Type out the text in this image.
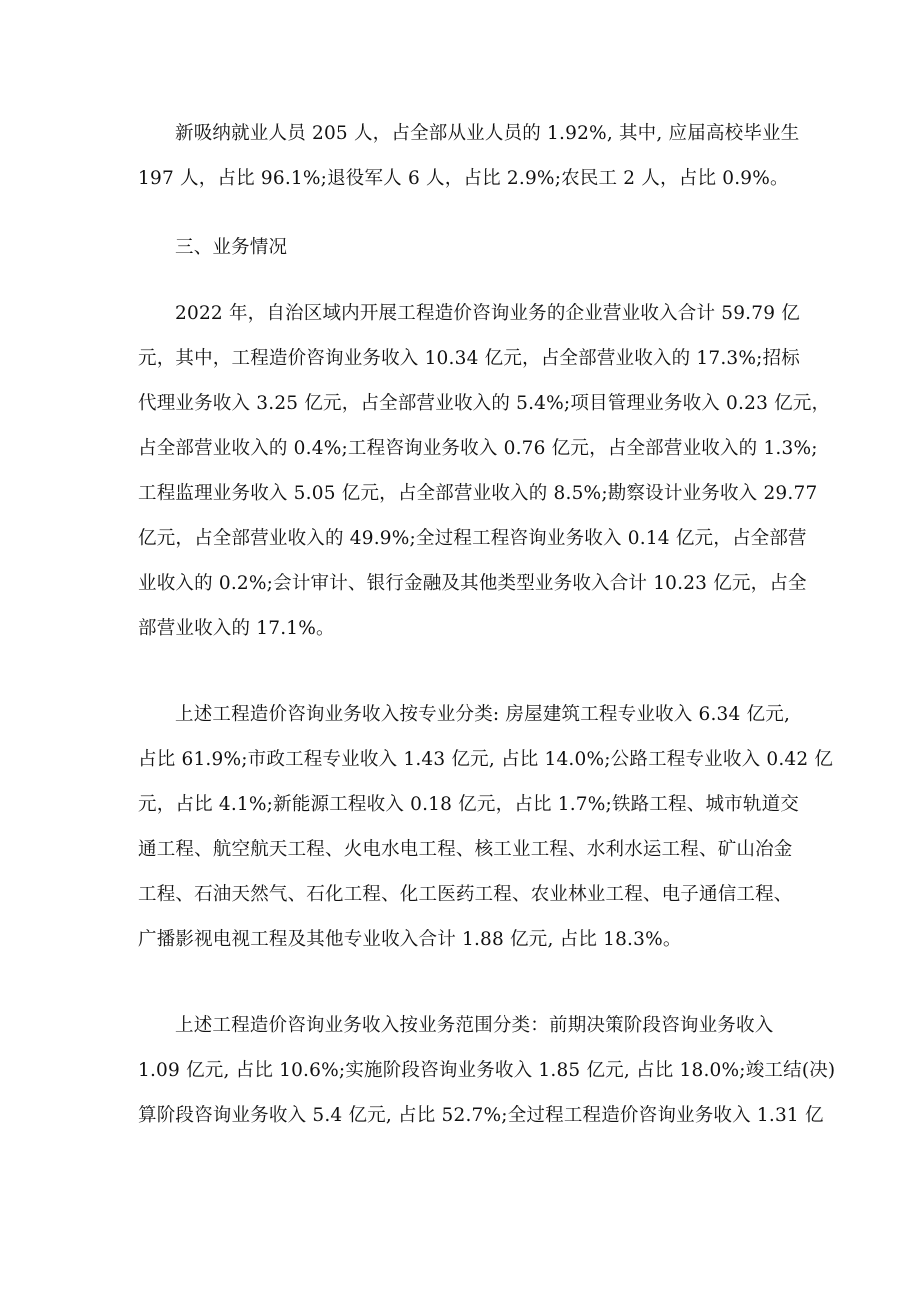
新吸纳就业人员 205 人，占全部从业人员的 1.92%, 其中, 应届高校毕业生
197 人，占比 96.1%;退役军人 6 人，占比 2.9%;农民工 2 人，占比 0.9%。
三、业务情况
2022 年，自治区域内开展工程造价咨询业务的企业营业收入合计 59.79 亿
元，其中，工程造价咨询业务收入 10.34 亿元，占全部营业收入的 17.3%;招标
代理业务收入 3.25 亿元，占全部营业收入的 5.4%;项目管理业务收入 0.23 亿元，
占全部营业收入的 0.4%;工程咨询业务收入 0.76 亿元，占全部营业收入的 1.3%;
工程监理业务收入 5.05 亿元，占全部营业收入的 8.5%;勘察设计业务收入 29.77
亿元，占全部营业收入的 49.9%;全过程工程咨询业务收入 0.14 亿元，占全部营
业收入的 0.2%;会计审计、银行金融及其他类型业务收入合计 10.23 亿元，占全
部营业收入的 17.1%。
上述工程造价咨询业务收入按专业分类: 房屋建筑工程专业收入 6.34 亿元,
占比 61.9%;市政工程专业收入 1.43 亿元, 占比 14.0%;公路工程专业收入 0.42 亿
元，占比 4.1%;新能源工程收入 0.18 亿元，占比 1.7%;铁路工程、城市轨道交
通工程、航空航天工程、火电水电工程、核工业工程、水利水运工程、矿山冶金
工程、石油天然气、石化工程、化工医药工程、农业林业工程、电子通信工程、
广播影视电视工程及其他专业收入合计 1.88 亿元, 占比 18.3%。
上述工程造价咨询业务收入按业务范围分类：前期决策阶段咨询业务收入
1.09 亿元, 占比 10.6%;实施阶段咨询业务收入 1.85 亿元, 占比 18.0%;竣工结(决)
算阶段咨询业务收入 5.4 亿元, 占比 52.7%;全过程工程造价咨询业务收入 1.31 亿
